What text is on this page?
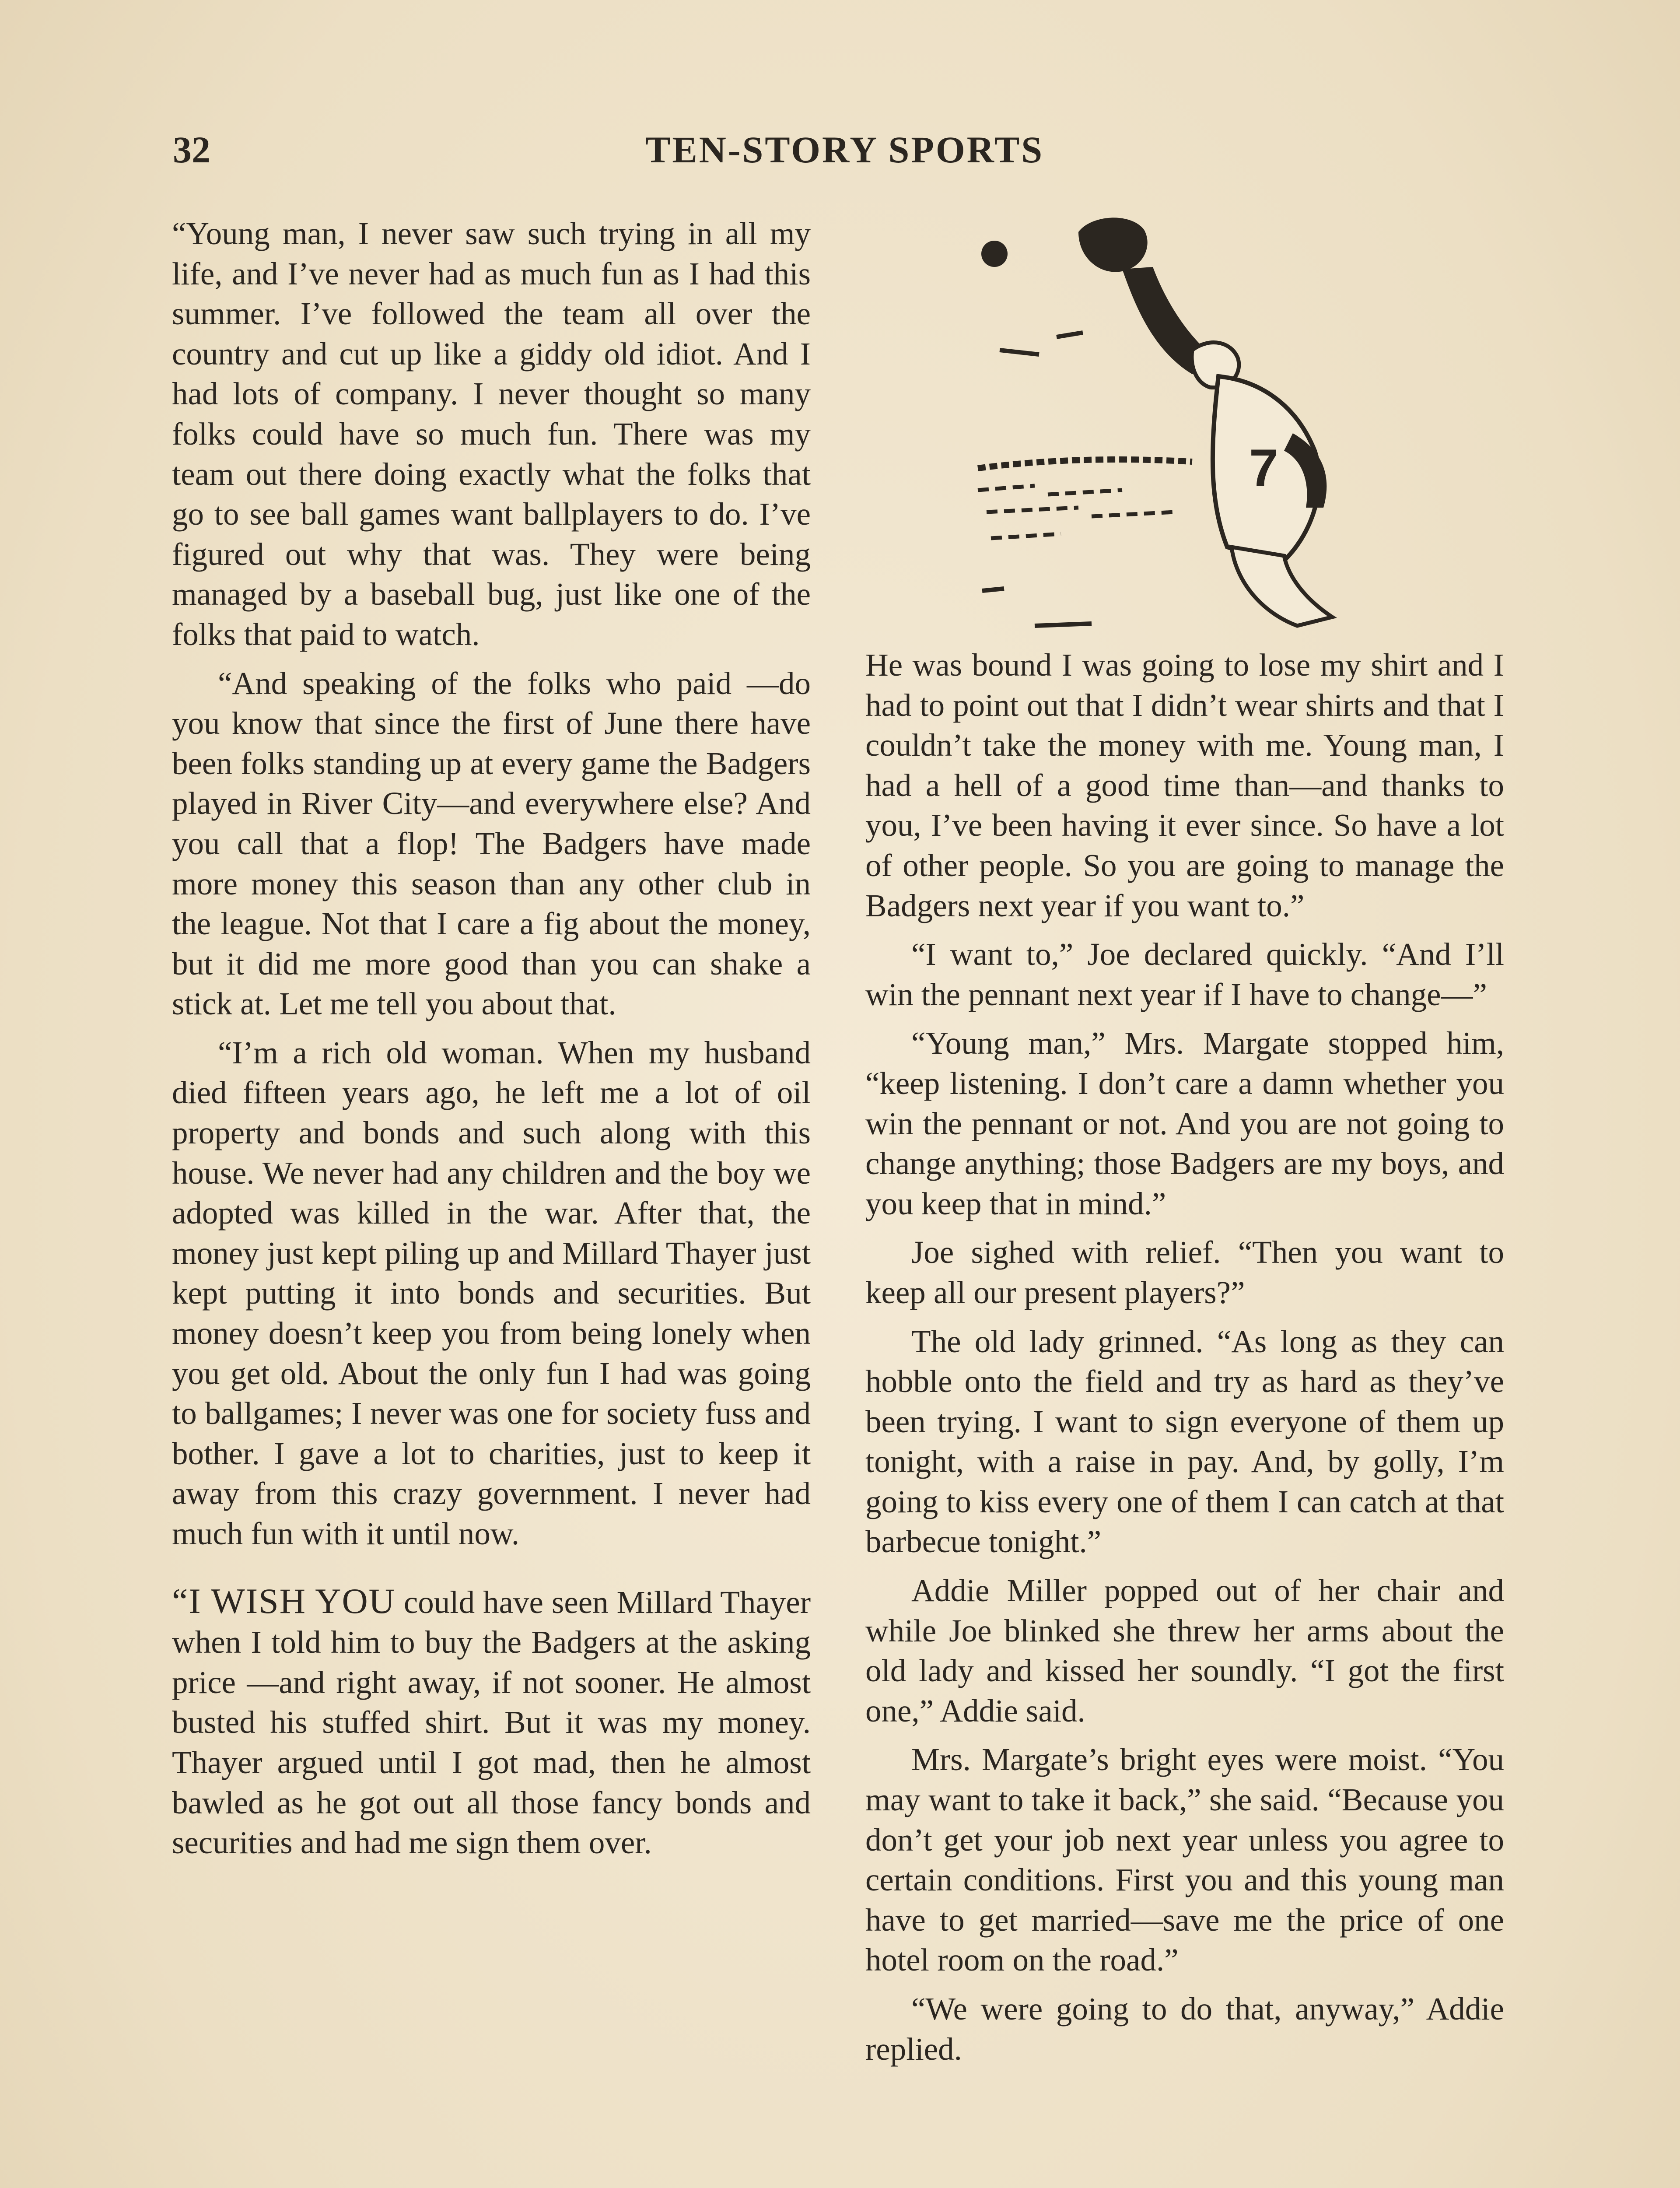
32	TEN-STORY SPORTS

“Young man, I never saw such trying in all my life, and I’ve never had as much fun as I had this summer. I’ve followed the team all over the country and cut up like a giddy old idiot. And I had lots of company. I never thought so many folks could have so much fun. There was my team out there doing exactly what the folks that go to see ball games want ballplayers to do. I’ve figured out why that was. They were being managed by a baseball bug, just like one of the folks that paid to watch.

“And speaking of the folks who paid —do you know that since the first of June there have been folks standing up at every game the Badgers played in River City—and everywhere else? And you call that a flop! The Badgers have made more money this season than any other club in the league. Not that I care a fig about the money, but it did me more good than you can shake a stick at. Let me tell you about that.

“I’m a rich old woman. When my husband died fifteen years ago, he left me a lot of oil property and bonds and such along with this house. We never had any children and the boy we adopted was killed in the war. After that, the money just kept piling up and Millard Thayer just kept putting it into bonds and securities. But money doesn’t keep you from being lonely when you get old. About the only fun I had was going to ballgames; I never was one for society fuss and bother. I gave a lot to charities, just to keep it away from this crazy government. I never had much fun with it until now.

“I WISH YOU could have seen Millard Thayer when I told him to buy the Badgers at the asking price —and right away, if not sooner. He almost busted his stuffed shirt. But it was my money. Thayer argued until I got mad, then he almost bawled as he got out all those fancy bonds and securities and had me sign them over.

7

He was bound I was going to lose my shirt and I had to point out that I didn’t wear shirts and that I couldn’t take the money with me. Young man, I had a hell of a good time than—and thanks to you, I’ve been having it ever since. So have a lot of other people. So you are going to manage the Badgers next year if you want to.”

“I want to,” Joe declared quickly. “And I’ll win the pennant next year if I have to change—”

“Young man,” Mrs. Margate stopped him, “keep listening. I don’t care a damn whether you win the pennant or not. And you are not going to change anything; those Badgers are my boys, and you keep that in mind.”

Joe sighed with relief. “Then you want to keep all our present players?”

The old lady grinned. “As long as they can hobble onto the field and try as hard as they’ve been trying. I want to sign everyone of them up tonight, with a raise in pay. And, by golly, I’m going to kiss every one of them I can catch at that barbecue tonight.”

Addie Miller popped out of her chair and while Joe blinked she threw her arms about the old lady and kissed her soundly. “I got the first one,” Addie said.

Mrs. Margate’s bright eyes were moist. “You may want to take it back,” she said. “Because you don’t get your job next year unless you agree to certain conditions. First you and this young man have to get married—save me the price of one hotel room on the road.”

“We were going to do that, anyway,” Addie replied.
